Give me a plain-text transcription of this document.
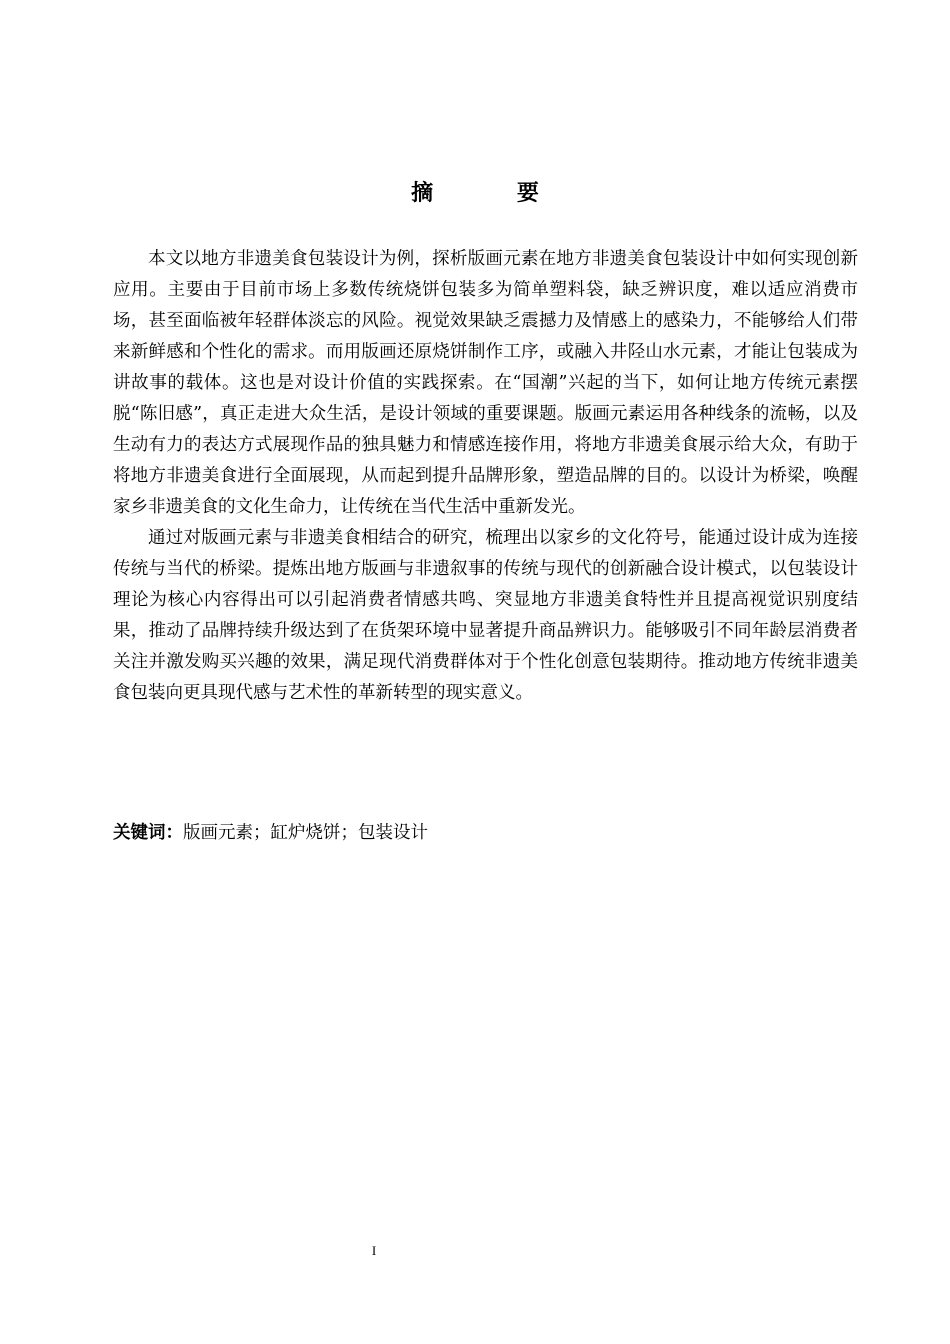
摘 要

本文以地方非遗美食包装设计为例，探析版画元素在地方非遗美食包装设计中如何实现创新应用。主要由于目前市场上多数传统烧饼包装多为简单塑料袋，缺乏辨识度，难以适应消费市场，甚至面临被年轻群体淡忘的风险。视觉效果缺乏震撼力及情感上的感染力，不能够给人们带来新鲜感和个性化的需求。而用版画还原烧饼制作工序，或融入井陉山水元素，才能让包装成为讲故事的载体。这也是对设计价值的实践探索。在“国潮”兴起的当下，如何让地方传统元素摆脱“陈旧感”，真正走进大众生活，是设计领域的重要课题。版画元素运用各种线条的流畅，以及生动有力的表达方式展现作品的独具魅力和情感连接作用，将地方非遗美食展示给大众，有助于将地方非遗美食进行全面展现，从而起到提升品牌形象，塑造品牌的目的。以设计为桥梁，唤醒家乡非遗美食的文化生命力，让传统在当代生活中重新发光。

通过对版画元素与非遗美食相结合的研究，梳理出以家乡的文化符号，能通过设计成为连接传统与当代的桥梁。提炼出地方版画与非遗叙事的传统与现代的创新融合设计模式，以包装设计理论为核心内容得出可以引起消费者情感共鸣、突显地方非遗美食特性并且提高视觉识别度结果，推动了品牌持续升级达到了在货架环境中显著提升商品辨识力。能够吸引不同年龄层消费者关注并激发购买兴趣的效果，满足现代消费群体对于个性化创意包装期待。推动地方传统非遗美食包装向更具现代感与艺术性的革新转型的现实意义。

关键词：版画元素；缸炉烧饼；包装设计
I
